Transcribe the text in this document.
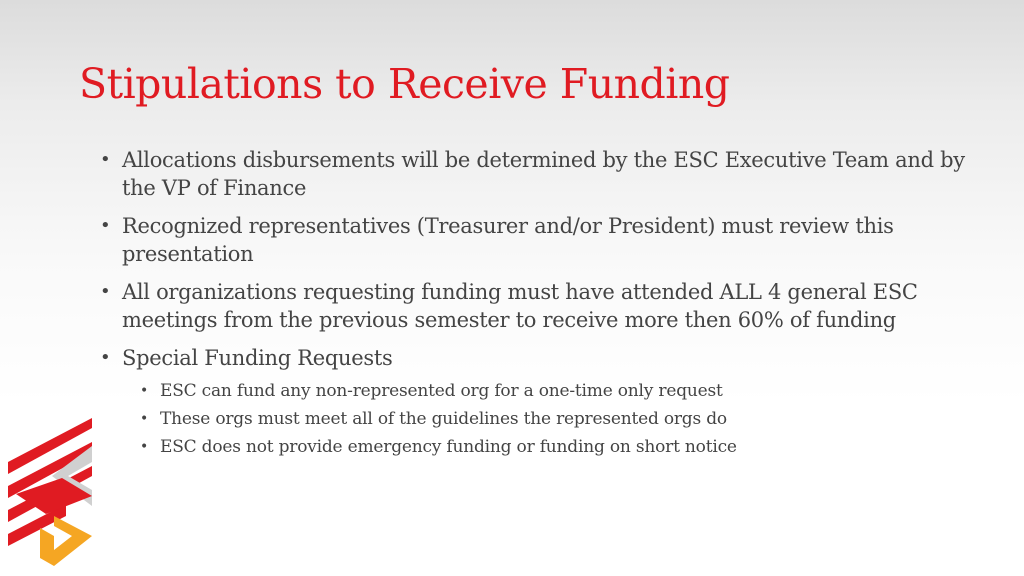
Stipulations to Receive Funding
• Allocations disbursements will be determined by the ESC Executive Team and by the VP of Finance
• Recognized representatives (Treasurer and/or President) must review this presentation
• All organizations requesting funding must have attended ALL 4 general ESC meetings from the previous semester to receive more then 60% of funding
• Special Funding Requests
• ESC can fund any non-represented org for a one-time only request
• These orgs must meet all of the guidelines the represented orgs do
• ESC does not provide emergency funding or funding on short notice
